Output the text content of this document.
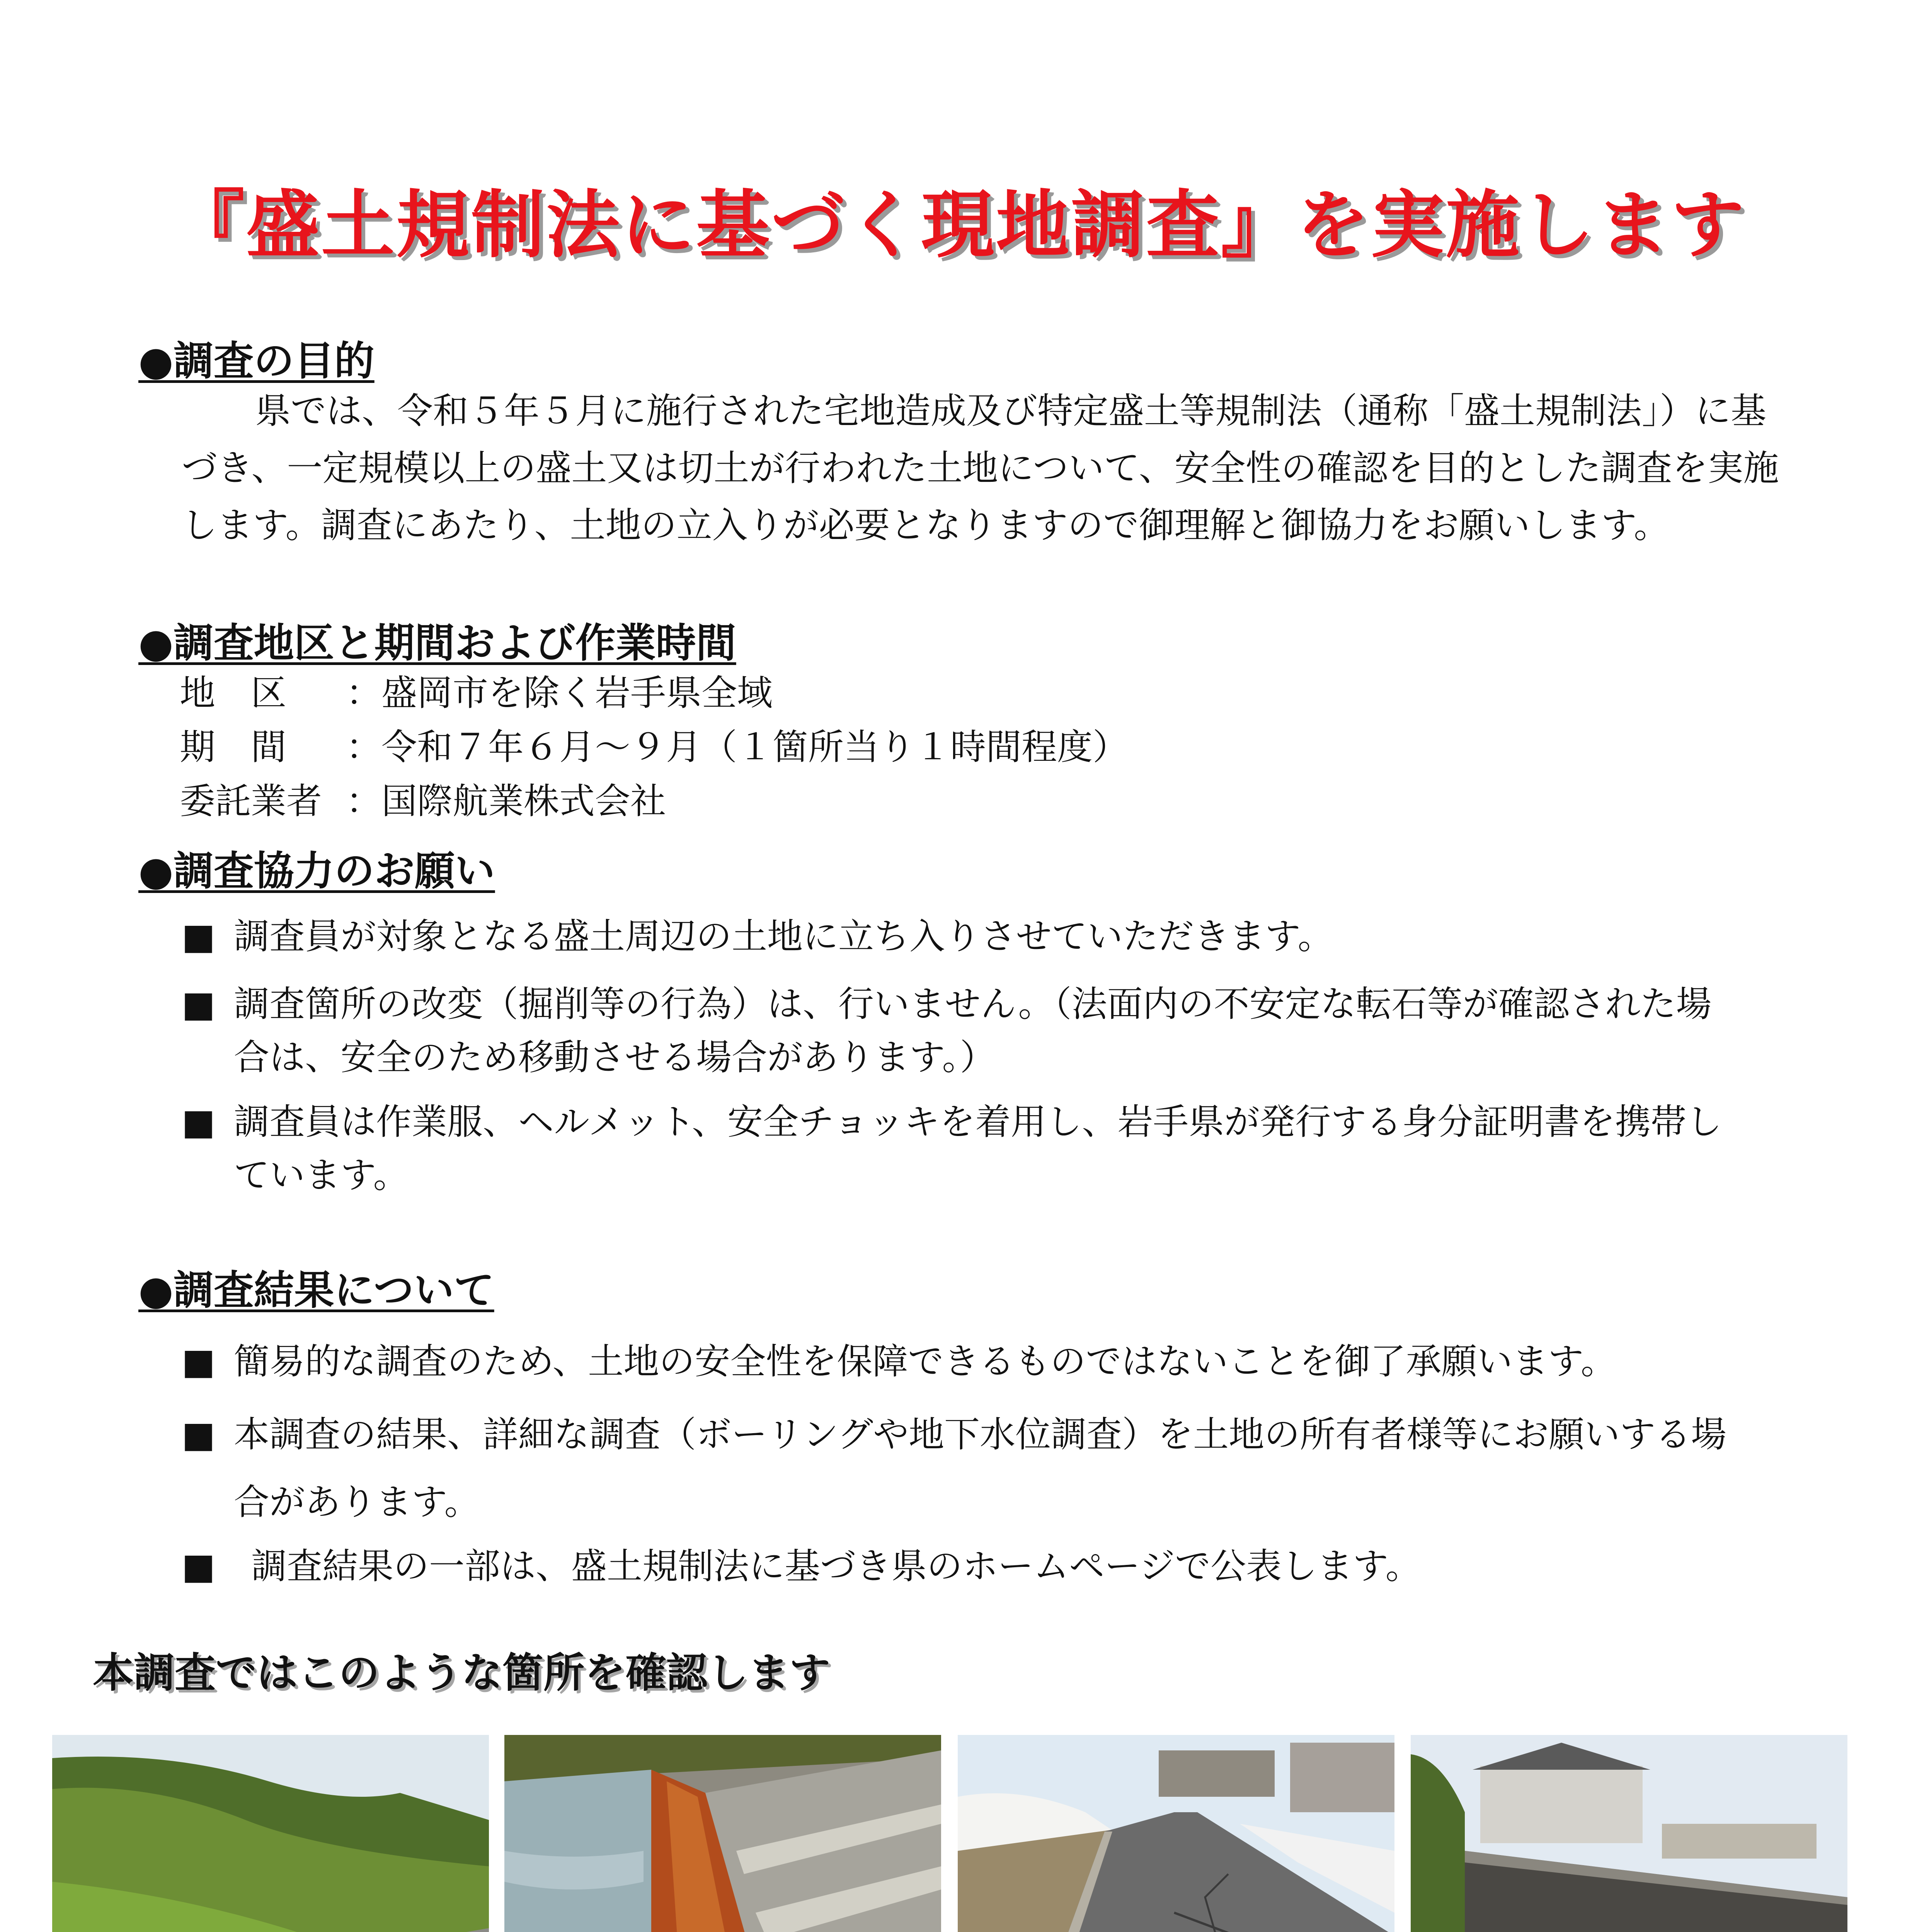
『盛土規制法に基づく現地調査』を実施します
●調査の目的
県では、令和５年５月に施行された宅地造成及び特定盛土等規制法（通称「盛土規制法」）に基づき、一定規模以上の盛土又は切土が行われた土地について、安全性の確認を目的とした調査を実施します。調査にあたり、土地の立入りが必要となりますので御理解と御協力をお願いします。
●調査地区と期間および作業時間
地　区 ：盛岡市を除く岩手県全域
期　間 ：令和７年６月～９月（１箇所当り１時間程度）
委託業者 ：国際航業株式会社
●調査協力のお願い
■ 調査員が対象となる盛土周辺の土地に立ち入りさせていただきます。
■ 調査箇所の改変（掘削等の行為）は、行いません。（法面内の不安定な転石等が確認された場合は、安全のため移動させる場合があります。）
■ 調査員は作業服、ヘルメット、安全チョッキを着用し、岩手県が発行する身分証明書を携帯しています。
●調査結果について
■ 簡易的な調査のため、土地の安全性を保障できるものではないことを御了承願います。
■ 本調査の結果、詳細な調査（ボーリングや地下水位調査）を土地の所有者様等にお願いする場合があります。
■ 調査結果の一部は、盛土規制法に基づき県のホームページで公表します。
本調査ではこのような箇所を確認します
